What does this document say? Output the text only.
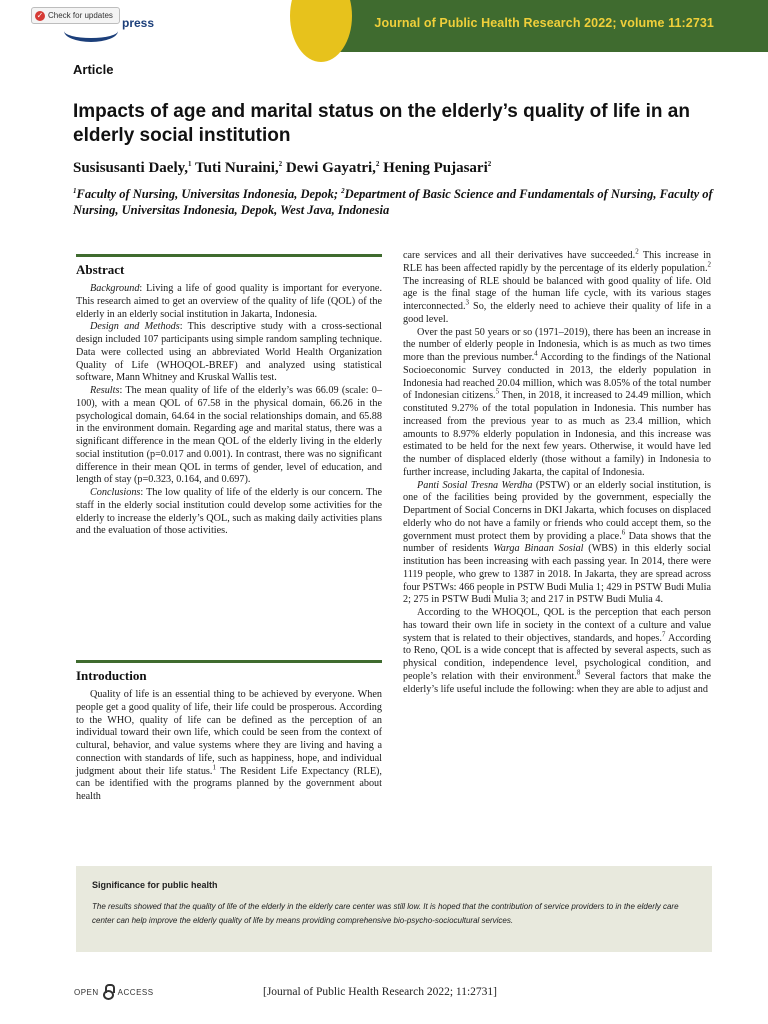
press
✓ Check for updates
Journal of Public Health Research 2022; volume 11:2731
Article
Impacts of age and marital status on the elderly’s quality of life in an elderly social institution
Susisusanti Daely,$^1$ Tuti Nuraini,$^2$ Dewi Gayatri,$^2$ Hening Pujasari$^2$
$^1$Faculty of Nursing, Universitas Indonesia, Depok; $^2$Department of Basic Science and Fundamentals of Nursing, Faculty of Nursing, Universitas Indonesia, Depok, West Java, Indonesia
Abstract

Background: Living a life of good quality is important for everyone. This research aimed to get an overview of the quality of life (QOL) of the elderly in an elderly social institution in Jakarta, Indonesia.

Design and Methods: This descriptive study with a cross-sectional design included 107 participants using simple random sampling technique. Data were collected using an abbreviated World Health Organization Quality of Life (WHOQOL-BREF) and analyzed using statistical software, Mann Whitney and Kruskal Wallis test.

Results: The mean quality of life of the elderly’s was 66.09 (scale: 0–100), with a mean QOL of 67.58 in the physical domain, 66.26 in the psychological domain, 64.64 in the social relationships domain, and 65.88 in the environment domain. Regarding age and marital status, there was a significant difference in the mean QOL of the elderly living in the elderly social institution (p=0.017 and 0.001). In contrast, there was no significant difference in their mean QOL in terms of gender, level of education, and length of stay (p=0.323, 0.164, and 0.697).

Conclusions: The low quality of life of the elderly is our concern. The staff in the elderly social institution could develop some activities for the elderly to increase the elderly’s QOL, such as making daily activities plans and the evaluation of those activities.

Introduction

Quality of life is an essential thing to be achieved by everyone. When people get a good quality of life, their life could be prosperous. According to the WHO, quality of life can be defined as the perception of an individual toward their own life, which could be seen from the context of cultural, behavior, and value systems where they are living and having a connection with standards of life, such as happiness, hope, and individual judgment about their life status.$^1$ The Resident Life Expectancy (RLE), can be identified with the programs planned by the government about health

care services and all their derivatives have succeeded.$^2$ This increase in RLE has been affected rapidly by the percentage of its elderly population.$^2$ The increasing of RLE should be balanced with good quality of life. Old age is the final stage of the human life cycle, with its various stages interconnected.$^3$ So, the elderly need to achieve their quality of life in a good level.

Over the past 50 years or so (1971–2019), there has been an increase in the number of elderly people in Indonesia, which is as much as two times more than the previous number.$^4$ According to the findings of the National Socioeconomic Survey conducted in 2013, the elderly population in Indonesia had reached 20.04 million, which was 8.05% of the total number of Indonesian citizens.$^5$ Then, in 2018, it increased to 24.49 million, which constituted 9.27% of the total population in Indonesia. This number has increased from the previous year to as much as 23.4 million, which amounts to 8.97% elderly population in Indonesia, and this increase was estimated to be held for the next few years. Otherwise, it would have led the number of displaced elderly (those without a family) in Indonesia to further increase, including Jakarta, the capital of Indonesia.

Panti Sosial Tresna Werdha (PSTW) or an elderly social institution, is one of the facilities being provided by the government, especially the Department of Social Concerns in DKI Jakarta, which focuses on displaced elderly who do not have a family or friends who could accept them, so the government must protect them by providing a place.$^6$ Data shows that the number of residents Warga Binaan Sosial (WBS) in this elderly social institution has been increasing with each passing year. In 2014, there were 1119 people, who grew to 1387 in 2018. In Jakarta, they are spread across four PSTWs: 466 people in PSTW Budi Mulia 1; 429 in PSTW Budi Mulia 2; 275 in PSTW Budi Mulia 3; and 217 in PSTW Budi Mulia 4.

According to the WHOQOL, QOL is the perception that each person has toward their own life in society in the context of a culture and value system that is related to their objectives, standards, and hopes.$^7$ According to Reno, QOL is a wide concept that is affected by several aspects, such as physical condition, independence level, psychological condition, and people’s relation with their environment.$^8$ Several factors that make the elderly’s life useful include the following: when they are able to adjust and

Significance for public health
The results showed that the quality of life of the elderly in the elderly care center was still low. It is hoped that the contribution of service providers to in the elderly care center can help improve the elderly quality of life by means providing comprehensive bio-psycho-sociocultural services.
OPEN ACCESS	[Journal of Public Health Research 2022; 11:2731]
